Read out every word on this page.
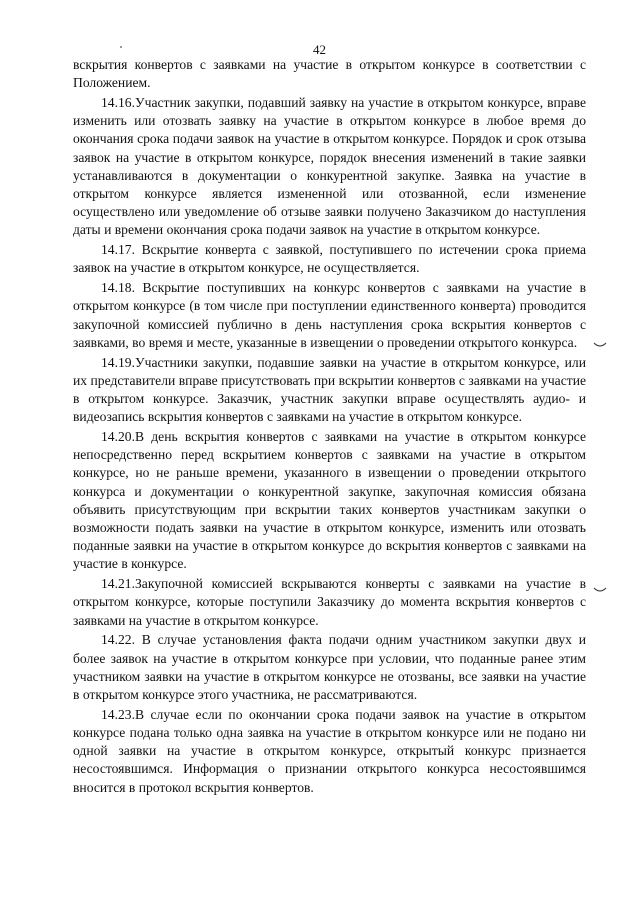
42

вскрытия конвертов с заявками на участие в открытом конкурсе в соответствии с Положением.

14.16.Участник закупки, подавший заявку на участие в открытом конкурсе, вправе изменить или отозвать заявку на участие в открытом конкурсе в любое время до окончания срока подачи заявок на участие в открытом конкурсе. Порядок и срок отзыва заявок на участие в открытом конкурсе, порядок внесения изменений в такие заявки устанавливаются в документации о конкурентной закупке. Заявка на участие в открытом конкурсе является измененной или отозванной, если изменение осуществлено или уведомление об отзыве заявки получено Заказчиком до наступления даты и времени окончания срока подачи заявок на участие в открытом конкурсе.

14.17. Вскрытие конверта с заявкой, поступившего по истечении срока приема заявок на участие в открытом конкурсе, не осуществляется.

14.18. Вскрытие поступивших на конкурс конвертов с заявками на участие в открытом конкурсе (в том числе при поступлении единственного конверта) проводится закупочной комиссией публично в день наступления срока вскрытия конвертов с заявками, во время и месте, указанные в извещении о проведении открытого конкурса.

14.19.Участники закупки, подавшие заявки на участие в открытом конкурсе, или их представители вправе присутствовать при вскрытии конвертов с заявками на участие в открытом конкурсе. Заказчик, участник закупки вправе осуществлять аудио- и видеозапись вскрытия конвертов с заявками на участие в открытом конкурсе.

14.20.В день вскрытия конвертов с заявками на участие в открытом конкурсе непосредственно перед вскрытием конвертов с заявками на участие в открытом конкурсе, но не раньше времени, указанного в извещении о проведении открытого конкурса и документации о конкурентной закупке, закупочная комиссия обязана объявить присутствующим при вскрытии таких конвертов участникам закупки о возможности подать заявки на участие в открытом конкурсе, изменить или отозвать поданные заявки на участие в открытом конкурсе до вскрытия конвертов с заявками на участие в конкурсе.

14.21.Закупочной комиссией вскрываются конверты с заявками на участие в открытом конкурсе, которые поступили Заказчику до момента вскрытия конвертов с заявками на участие в открытом конкурсе.

14.22. В случае установления факта подачи одним участником закупки двух и более заявок на участие в открытом конкурсе при условии, что поданные ранее этим участником заявки на участие в открытом конкурсе не отозваны, все заявки на участие в открытом конкурсе этого участника, не рассматриваются.

14.23.В случае если по окончании срока подачи заявок на участие в открытом конкурсе подана только одна заявка на участие в открытом конкурсе или не подано ни одной заявки на участие в открытом конкурсе, открытый конкурс признается несостоявшимся. Информация о признании открытого конкурса несостоявшимся вносится в протокол вскрытия конвертов.
